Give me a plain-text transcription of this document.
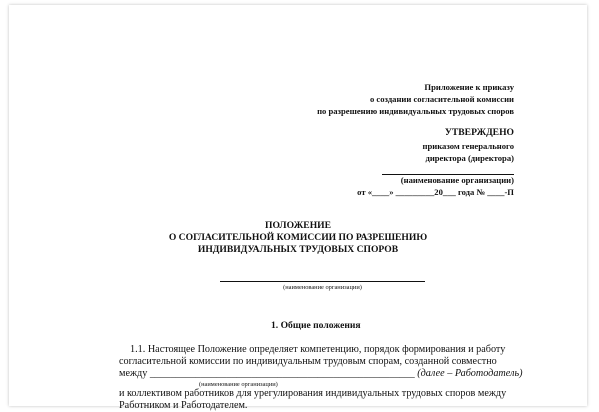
Приложение к приказу
о создании согласительной комиссии
по разрешению индивидуальных трудовых споров
УТВЕРЖДЕНО
приказом генерального
директора (директора)
(наименование организации)
от «____» _________20___ года № ____-П
ПОЛОЖЕНИЕ
О СОГЛАСИТЕЛЬНОЙ КОМИССИИ ПО РАЗРЕШЕНИЮ
ИНДИВИДУАЛЬНЫХ ТРУДОВЫХ СПОРОВ
(наименование организации)
1. Общие положения
1.1. Настоящее Положение определяет компетенцию, порядок формирования и работу
согласительной комиссии по индивидуальным трудовым спорам, созданной совместно
между ____________________________________________________ (далее – Работодатель)
(наименование организации)
и коллективом работников для урегулирования индивидуальных трудовых споров между
Работником и Работодателем.
